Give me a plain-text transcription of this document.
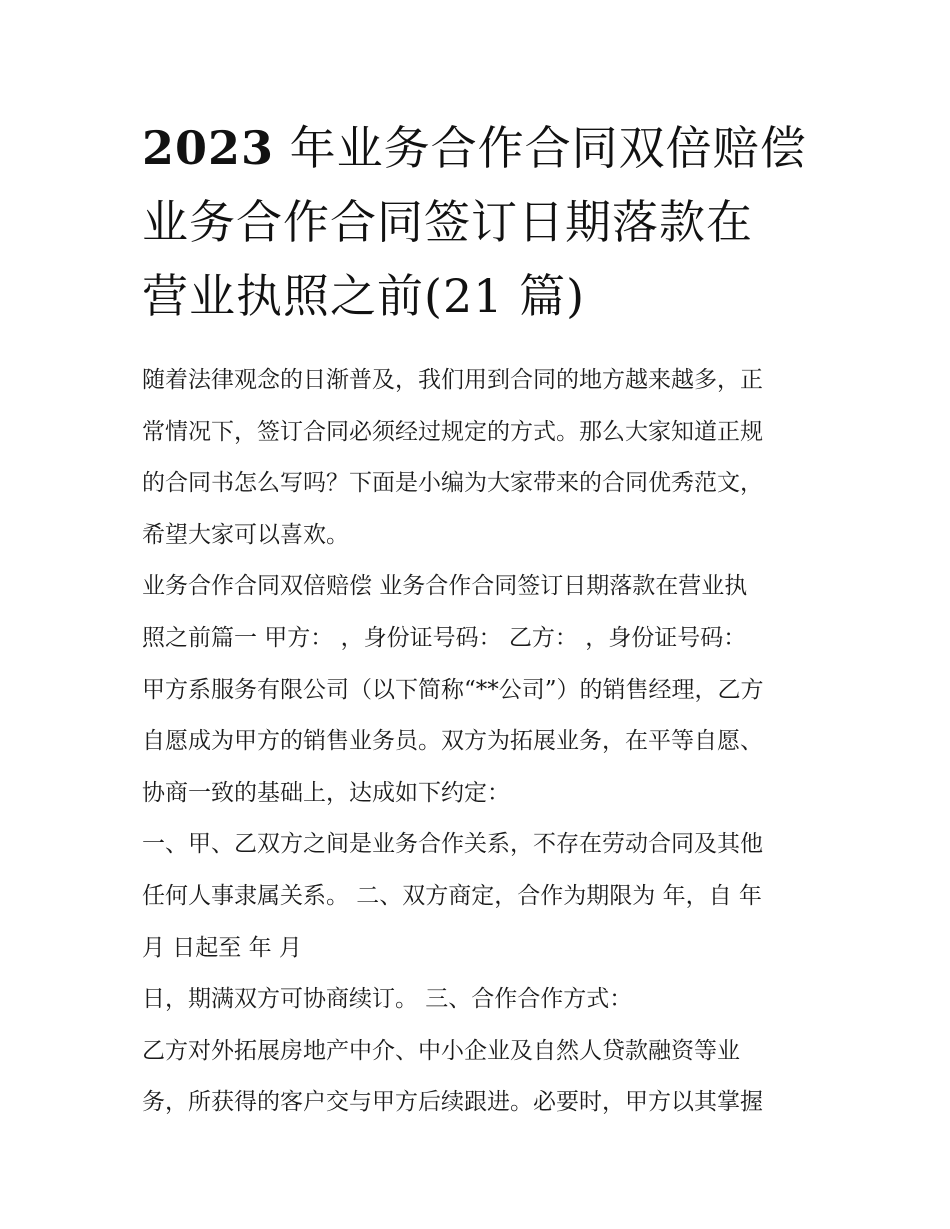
2023 年业务合作合同双倍赔偿
业务合作合同签订日期落款在
营业执照之前(21 篇)
随着法律观念的日渐普及，我们用到合同的地方越来越多，正
常情况下，签订合同必须经过规定的方式。那么大家知道正规
的合同书怎么写吗？下面是小编为大家带来的合同优秀范文，
希望大家可以喜欢。
业务合作合同双倍赔偿 业务合作合同签订日期落款在营业执
照之前篇一 甲方： ，身份证号码： 乙方： ，身份证号码：
甲方系服务有限公司（以下简称“**公司”）的销售经理，乙方
自愿成为甲方的销售业务员。双方为拓展业务，在平等自愿、
协商一致的基础上，达成如下约定：
一、甲、乙双方之间是业务合作关系，不存在劳动合同及其他
任何人事隶属关系。 二、双方商定，合作为期限为 年，自 年
月 日起至 年 月
日，期满双方可协商续订。 三、合作合作方式：
乙方对外拓展房地产中介、中小企业及自然人贷款融资等业
务，所获得的客户交与甲方后续跟进。必要时，甲方以其掌握
